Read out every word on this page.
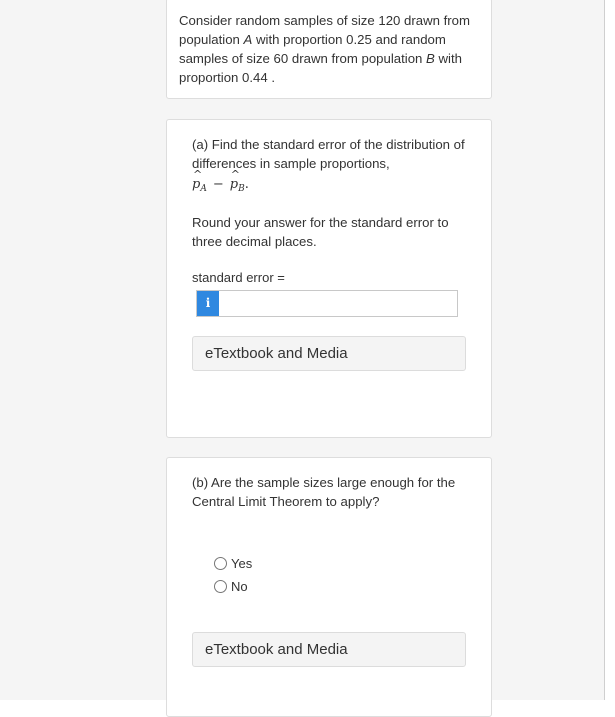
Consider random samples of size 120 drawn from population A with proportion 0.25 and random samples of size 60 drawn from population B with proportion 0.44 .

(a) Find the standard error of the distribution of differences in sample proportions,

^
$p_A$ −
^
$p_B$ .

Round your answer for the standard error to three decimal places.

standard error =

i
eTextbook and Media

(b) Are the sample sizes large enough for the Central Limit Theorem to apply?

Yes
No
eTextbook and Media
